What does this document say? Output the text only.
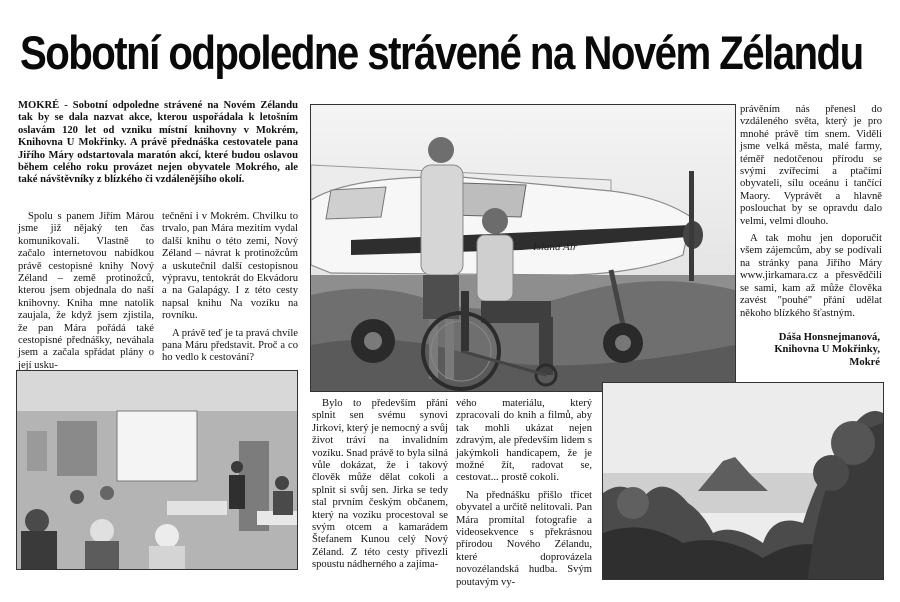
Sobotní odpoledne strávené na Novém Zélandu
MOKRÉ - Sobotní odpoledne strávené na Novém Zélandu tak by se dala nazvat akce, kterou uspořádala k letošním oslavám 120 let od vzniku místní knihovny v Mokrém, Knihovna U Mokřinky. A právě přednáška cestovatele pana Jiřího Máry odstartovala maratón akcí, které budou oslavou během celého roku provázet nejen obyvatele Mokrého, ale také návštěvníky z blízkého či vzdálenějšího okolí.

Spolu s panem Jiřím Márou jsme již nějaký ten čas komunikovali. Vlastně to začalo internetovou nabídkou právě cestopisné knihy Nový Zéland – země protinožců, kterou jsem objednala do naší knihovny. Kniha mne natolik zaujala, že když jsem zjistila, že pan Mára pořádá také cestopisné přednášky, neváhala jsem a začala spřádat plány o její usku-

tečnění i v Mokrém. Chvilku to trvalo, pan Mára mezitím vydal další knihu o této zemi, Nový Zéland – návrat k protinožcům a uskutečnil další cestopisnou výpravu, tentokrát do Ekvádoru a na Galapágy. I z této cesty napsal knihu Na vozíku na rovníku.

A právě teď je ta pravá chvíle pana Máru představit. Proč a co ho vedlo k cestování?

Island Air

Bylo to především přání splnit sen svému synovi Jirkovi, který je nemocný a svůj život tráví na invalidním vozíku. Snad právě to byla silná vůle dokázat, že i takový člověk může dělat cokoli a splnit si svůj sen. Jirka se tedy stal prvním českým občanem, který na vozíku procestoval se svým otcem a kamarádem Štefanem Kunou celý Nový Zéland. Z této cesty přivezli spoustu nádherného a zajíma-

vého materiálu, který zpracovali do knih a filmů, aby tak mohli ukázat nejen zdravým, ale především lidem s jakýmkoli handicapem, že je možné žít, radovat se, cestovat... prostě cokoli.

Na přednášku přišlo třicet obyvatel a určitě nelitovali. Pan Mára promítal fotografie a videosekvence s překrásnou přírodou Nového Zélandu, které doprovázela novozélandská hudba. Svým poutavým vy-

právěním nás přenesl do vzdáleného světa, který je pro mnohé právě tím snem. Viděli jsme velká města, malé farmy, téměř nedotčenou přírodu se svými zvířecími a ptačími obyvateli, sílu oceánu i tančící Maory. Vyprávět a hlavně poslouchat by se opravdu dalo velmi, velmi dlouho.

A tak mohu jen doporučit všem zájemcům, aby se podívali na stránky pana Jiřího Máry www.jirkamara.cz a přesvědčili se sami, kam až může člověka zavést "pouhé" přání udělat někoho blízkého šťastným.

Dáša Honsnejmanová,
Knihovna U Mokřinky,
Mokré
